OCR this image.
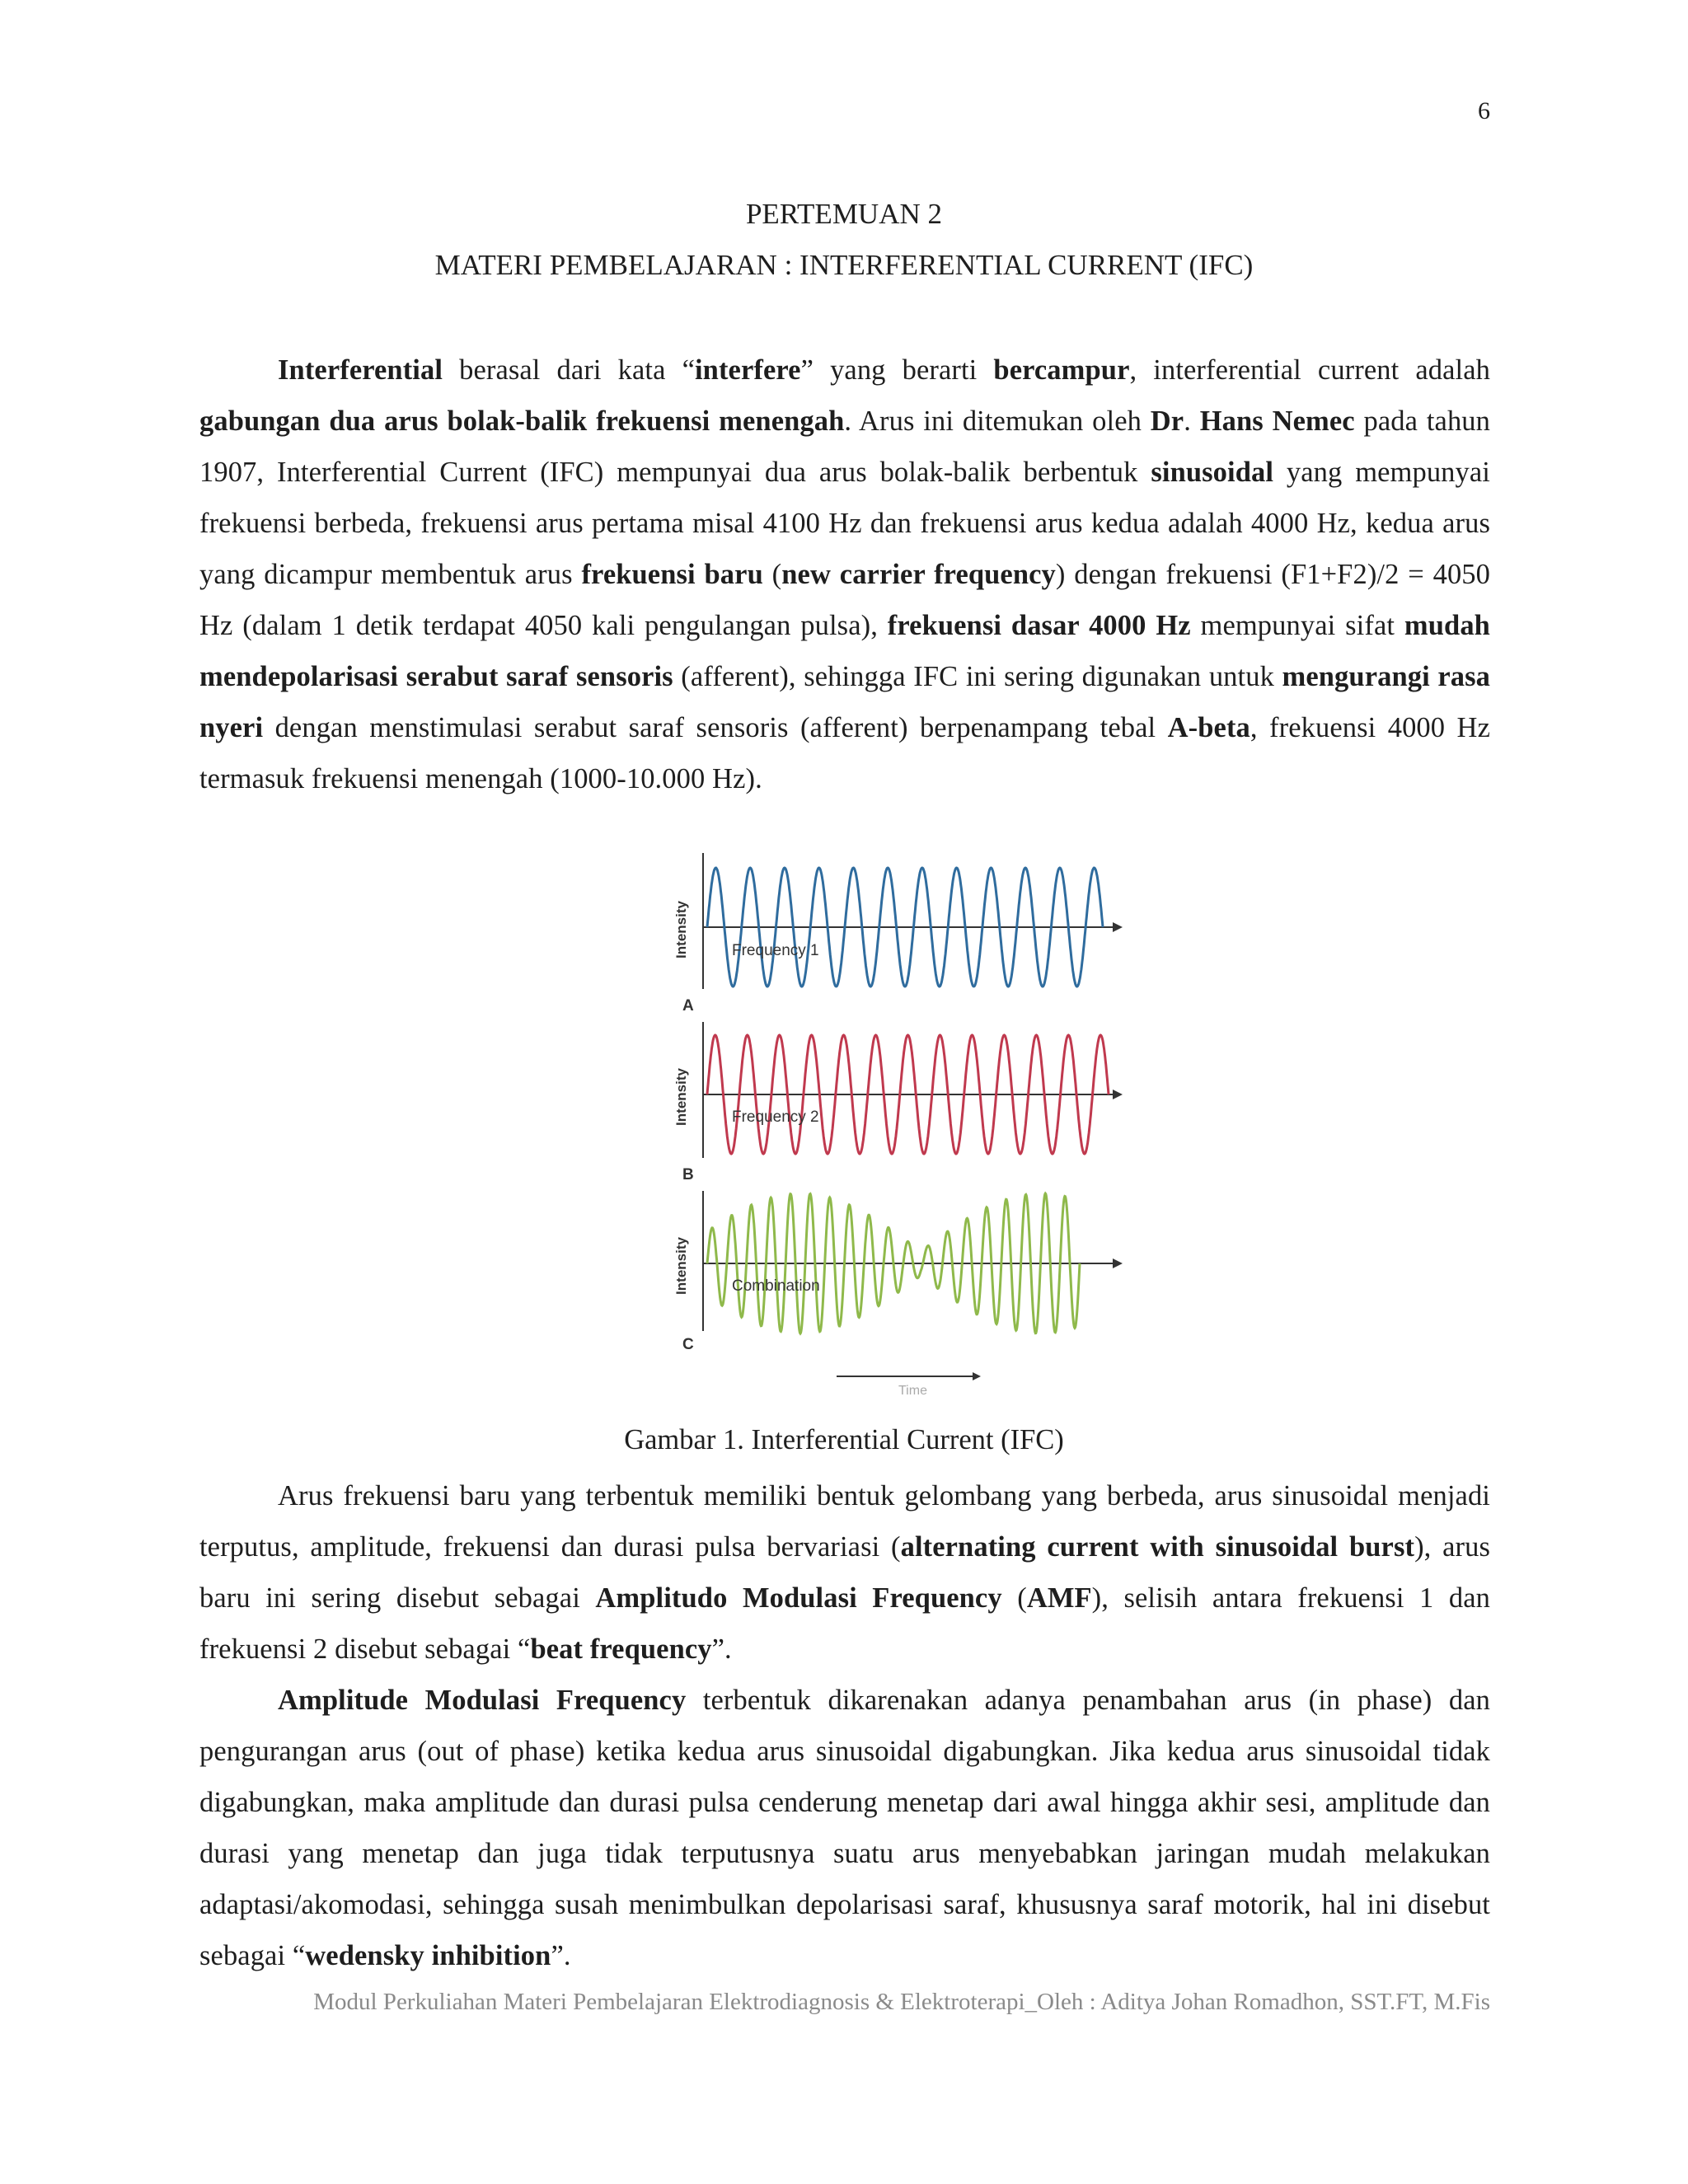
6

PERTEMUAN 2
MATERI PEMBELAJARAN : INTERFERENTIAL CURRENT (IFC)

Interferential berasal dari kata “interfere” yang berarti bercampur, interferential current adalah gabungan dua arus bolak-balik frekuensi menengah. Arus ini ditemukan oleh Dr. Hans Nemec pada tahun 1907, Interferential Current (IFC) mempunyai dua arus bolak-balik berbentuk sinusoidal yang mempunyai frekuensi berbeda, frekuensi arus pertama misal 4100 Hz dan frekuensi arus kedua adalah 4000 Hz, kedua arus yang dicampur membentuk arus frekuensi baru (new carrier frequency) dengan frekuensi (F1+F2)/2 = 4050 Hz (dalam 1 detik terdapat 4050 kali pengulangan pulsa), frekuensi dasar 4000 Hz mempunyai sifat mudah mendepolarisasi serabut saraf sensoris (afferent), sehingga IFC ini sering digunakan untuk mengurangi rasa nyeri dengan menstimulasi serabut saraf sensoris (afferent) berpenampang tebal A-beta, frekuensi 4000 Hz termasuk frekuensi menengah (1000-10.000 Hz).

Intensity	Frequency 1
A
Intensity	Frequency 2
B
Intensity	Combination
C
Time

Gambar 1. Interferential Current (IFC)

Arus frekuensi baru yang terbentuk memiliki bentuk gelombang yang berbeda, arus sinusoidal menjadi terputus, amplitude, frekuensi dan durasi pulsa bervariasi (alternating current with sinusoidal burst), arus baru ini sering disebut sebagai Amplitudo Modulasi Frequency (AMF), selisih antara frekuensi 1 dan frekuensi 2 disebut sebagai “beat frequency”.

Amplitude Modulasi Frequency terbentuk dikarenakan adanya penambahan arus (in phase) dan pengurangan arus (out of phase) ketika kedua arus sinusoidal digabungkan. Jika kedua arus sinusoidal tidak digabungkan, maka amplitude dan durasi pulsa cenderung menetap dari awal hingga akhir sesi, amplitude dan durasi yang menetap dan juga tidak terputusnya suatu arus menyebabkan jaringan mudah melakukan adaptasi/akomodasi, sehingga susah menimbulkan depolarisasi saraf, khususnya saraf motorik, hal ini disebut sebagai “wedensky inhibition”.

Modul Perkuliahan Materi Pembelajaran Elektrodiagnosis & Elektroterapi_Oleh : Aditya Johan Romadhon, SST.FT, M.Fis
